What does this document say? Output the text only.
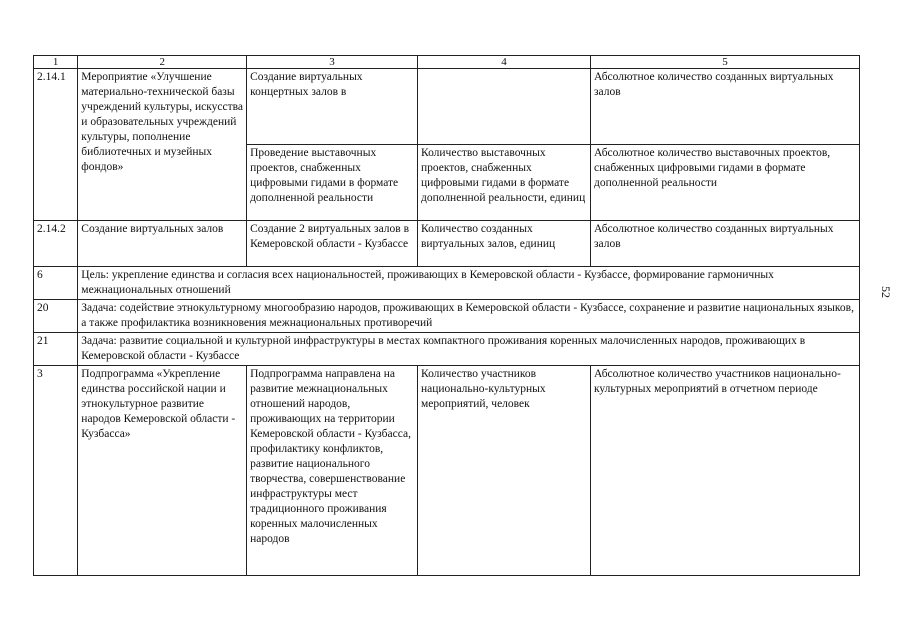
52
1	2	3	4	5
2.14.1	Мероприятие «Улучшение материально-технической базы учреждений культуры, искусства и образовательных учреждений культуры, пополнение библиотечных и музейных фондов»	Создание виртуальных концертных залов в		Абсолютное количество созданных виртуальных залов
		Проведение выставочных проектов, снабженных цифровыми гидами в формате дополненной реальности	Количество выставочных проектов, снабженных цифровыми гидами в формате дополненной реальности, единиц	Абсолютное количество выставочных проектов, снабженных цифровыми гидами в формате дополненной реальности
2.14.2	Создание виртуальных залов	Создание 2 виртуальных залов в Кемеровской области - Кузбассе	Количество созданных виртуальных залов, единиц	Абсолютное количество созданных виртуальных залов
6	Цель: укрепление единства и согласия всех национальностей, проживающих в Кемеровской области - Кузбассе, формирование гармоничных межнациональных отношений			
20	Задача: содействие этнокультурному многообразию народов, проживающих в Кемеровской области - Кузбассе, сохранение и развитие национальных языков, а также профилактика возникновения межнациональных противоречий			
21	Задача: развитие социальной и культурной инфраструктуры в местах компактного проживания коренных малочисленных народов, проживающих в Кемеровской области - Кузбассе			
3	Подпрограмма «Укрепление единства российской нации и этнокультурное развитие народов Кемеровской области - Кузбасса»	Подпрограмма направлена на развитие межнациональных отношений народов, проживающих на территории Кемеровской области - Кузбасса, профилактику конфликтов, развитие национального творчества, совершенствование инфраструктуры мест традиционного проживания коренных малочисленных народов	Количество участников национально-культурных мероприятий, человек	Абсолютное количество участников национально-культурных мероприятий в отчетном периоде
